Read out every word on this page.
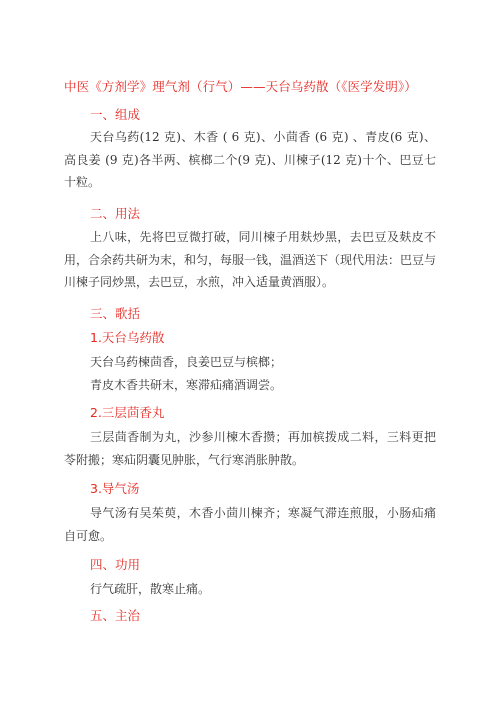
中医《方剂学》理气剂（行气）——天台乌药散（《医学发明》）
一、组成
天台乌药(12 克)、木香 ( 6 克)、小茴香 (6 克) 、青皮(6 克)、高良姜 (9 克)各半两、槟榔二个(9 克)、川楝子(12 克)十个、巴豆七十粒。
二、用法
上八味，先将巴豆微打破，同川楝子用麸炒黑，去巴豆及麸皮不用，合余药共研为末，和匀，每服一钱，温酒送下（现代用法：巴豆与川楝子同炒黑，去巴豆，水煎，冲入适量黄酒服）。
三、歌括
1.天台乌药散
天台乌药楝茴香，良姜巴豆与槟榔；
青皮木香共研末，寒滞疝痛酒调尝。
2.三层茴香丸
三层茴香制为丸，沙参川楝木香攒；再加槟拨成二料，三料更把苓附搬；寒疝阴囊见肿胀，气行寒消胀肿散。
3.导气汤
导气汤有吴茱萸，木香小茴川楝齐；寒凝气滞连煎服，小肠疝痛自可愈。
四、功用
行气疏肝，散寒止痛。
五、主治
